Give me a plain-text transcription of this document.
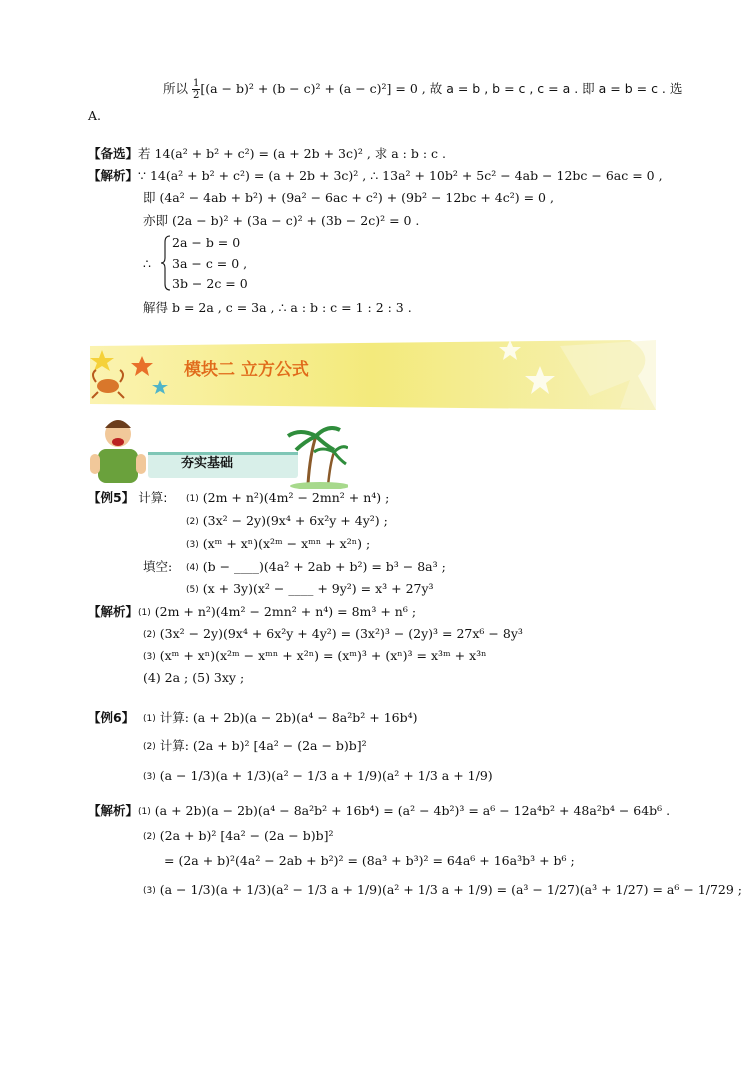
所以 $\frac{1}{2} [(a - b)^2 + (b - c)^2 + (a - c)^2] = 0$ , 故 a = b , b = c , c = a . 即 a = b = c . 选
A.
【备选】若 14(a² + b² + c²) = (a + 2b + 3c)² , 求 a : b : c .
【解析】∵ 14(a² + b² + c²) = (a + 2b + 3c)² , ∴ 13a² + 10b² + 5c² − 4ab − 12bc − 6ac = 0 ,
即 (4a² − 4ab + b²) + (9a² − 6ac + c²) + (9b² − 12bc + 4c²) = 0 ,
亦即 (2a − b)² + (3a − c)² + (3b − 2c)² = 0 .
∴
2a − b = 0
3a − c = 0 ,
3b − 2c = 0
解得 b = 2a , c = 3a , ∴ a : b : c = 1 : 2 : 3 .
模块二 立方公式
夯实基础
【例5】 计算: (1) (2m + n²)(4m² − 2mn² + n⁴) ;
(2) (3x² − 2y)(9x⁴ + 6x²y + 4y²) ;
(3) (xᵐ + xⁿ)(x²ᵐ − xᵐⁿ + x²ⁿ) ;
填空: (4) (b − ____)(4a² + 2ab + b²) = b³ − 8a³ ;
(5) (x + 3y)(x² − ____ + 9y²) = x³ + 27y³
【解析】(1) (2m + n²)(4m² − 2mn² + n⁴) = 8m³ + n⁶ ;
(2) (3x² − 2y)(9x⁴ + 6x²y + 4y²) = (3x²)³ − (2y)³ = 27x⁶ − 8y³
(3) (xᵐ + xⁿ)(x²ᵐ − xᵐⁿ + x²ⁿ) = (xᵐ)³ + (xⁿ)³ = x³ᵐ + x³ⁿ
(4) 2a ; (5) 3xy ;
【例6】 (1) 计算: (a + 2b)(a − 2b)(a⁴ − 8a²b² + 16b⁴)
(2) 计算: (2a + b)² [4a² − (2a − b)b]²
(3) (a − 1/3)(a + 1/3)(a² − 1/3 a + 1/9)(a² + 1/3 a + 1/9)
【解析】(1) (a + 2b)(a − 2b)(a⁴ − 8a²b² + 16b⁴) = (a² − 4b²)³ = a⁶ − 12a⁴b² + 48a²b⁴ − 64b⁶ .
(2) (2a + b)² [4a² − (2a − b)b]²
= (2a + b)²(4a² − 2ab + b²)² = (8a³ + b³)² = 64a⁶ + 16a³b³ + b⁶ ;
(3) (a − 1/3)(a + 1/3)(a² − 1/3 a + 1/9)(a² + 1/3 a + 1/9) = (a³ − 1/27)(a³ + 1/27) = a⁶ − 1/729 ;
